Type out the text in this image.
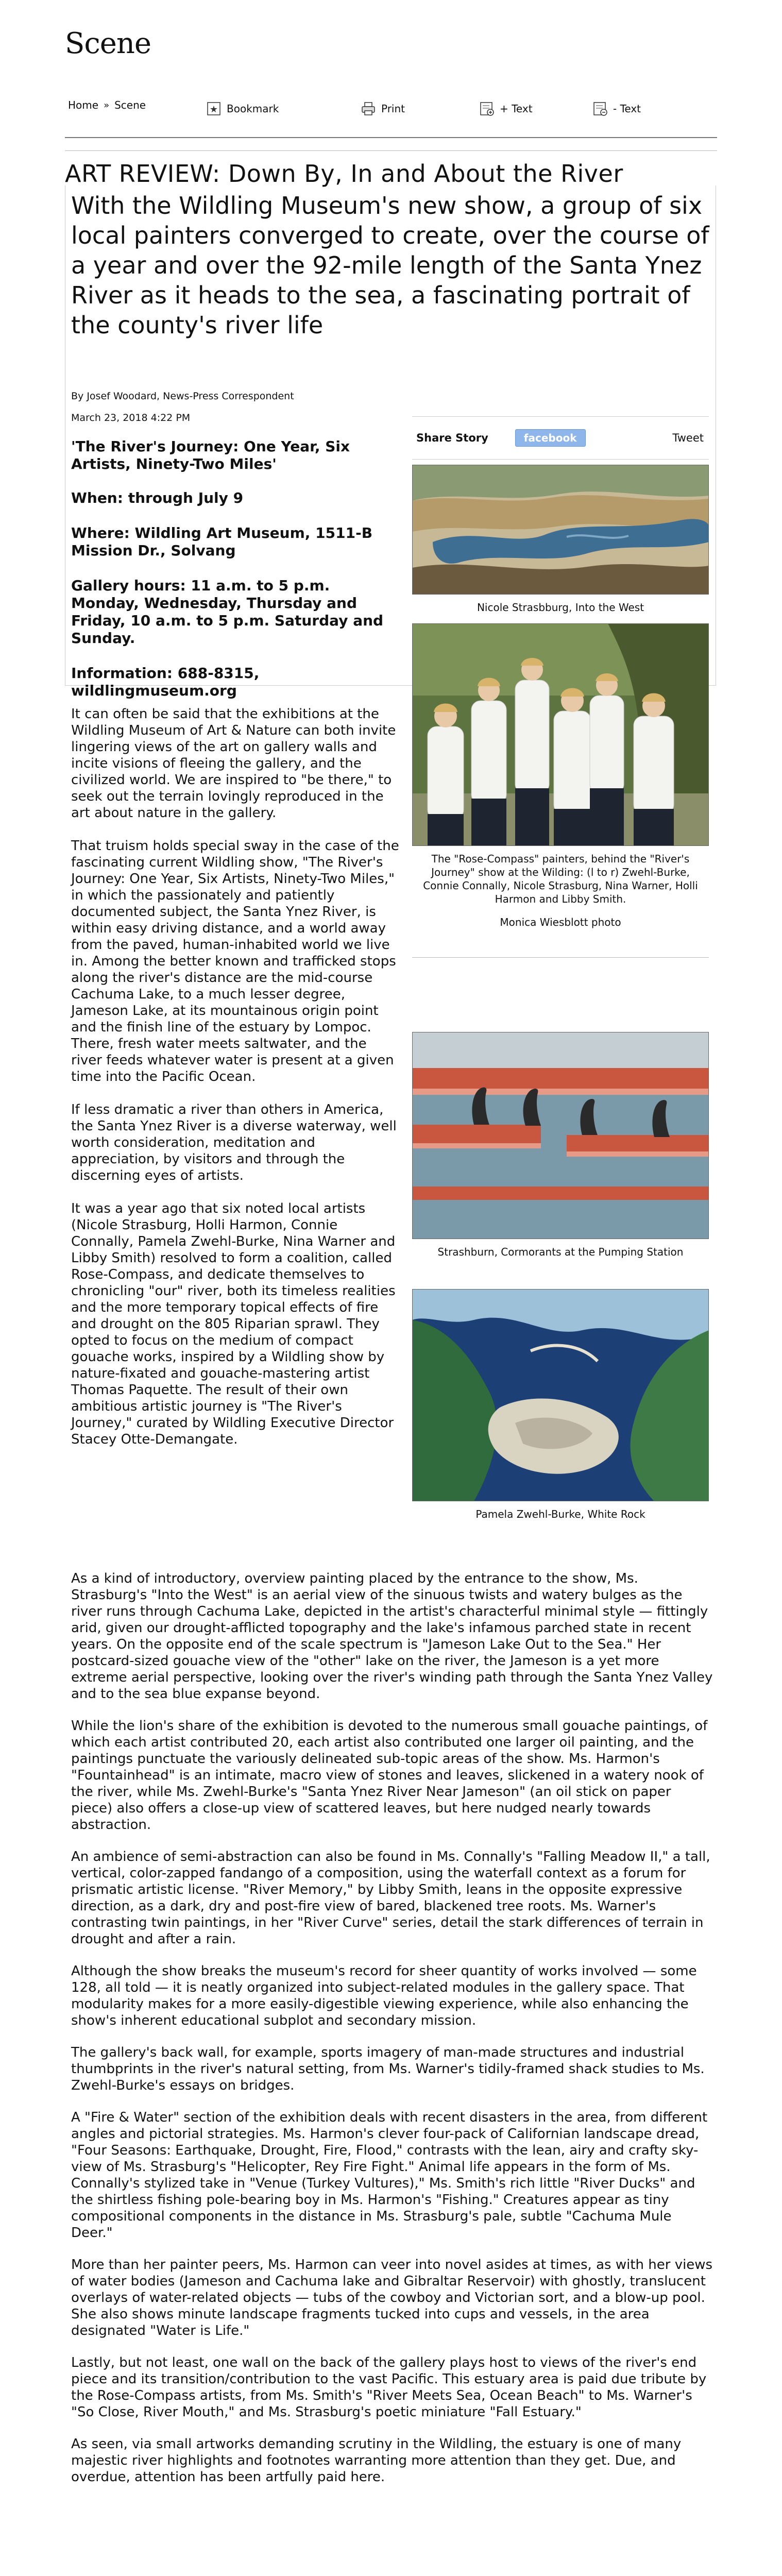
Scene
Home » Scene	★ Bookmark	Print	+ Text	- Text
ART REVIEW: Down By, In and About the River
With the Wildling Museum's new show, a group of six local painters converged to create, over the course of a year and over the 92-mile length of the Santa Ynez River as it heads to the sea, a fascinating portrait of the county's river life
By Josef Woodard, News-Press Correspondent
March 23, 2018 4:22 PM

'The River's Journey: One Year, Six Artists, Ninety-Two Miles'

When: through July 9

Where: Wildling Art Museum, 1511-B Mission Dr., Solvang

Gallery hours: 11 a.m. to 5 p.m. Monday, Wednesday, Thursday and Friday, 10 a.m. to 5 p.m. Saturday and Sunday.

Information: 688-8315, wildlingmuseum.org

It can often be said that the exhibitions at the Wildling Museum of Art & Nature can both invite lingering views of the art on gallery walls and incite visions of fleeing the gallery, and the civilized world. We are inspired to "be there," to seek out the terrain lovingly reproduced in the art about nature in the gallery.

That truism holds special sway in the case of the fascinating current Wildling show, "The River's Journey: One Year, Six Artists, Ninety-Two Miles," in which the passionately and patiently documented subject, the Santa Ynez River, is within easy driving distance, and a world away from the paved, human-inhabited world we live in. Among the better known and trafficked stops along the river's distance are the mid-course Cachuma Lake, to a much lesser degree, Jameson Lake, at its mountainous origin point and the finish line of the estuary by Lompoc. There, fresh water meets saltwater, and the river feeds whatever water is present at a given time into the Pacific Ocean.

If less dramatic a river than others in America, the Santa Ynez River is a diverse waterway, well worth consideration, meditation and appreciation, by visitors and through the discerning eyes of artists.

It was a year ago that six noted local artists (Nicole Strasburg, Holli Harmon, Connie Connally, Pamela Zwehl-Burke, Nina Warner and Libby Smith) resolved to form a coalition, called Rose-Compass, and dedicate themselves to chronicling "our" river, both its timeless realities and the more temporary topical effects of fire and drought on the 805 Riparian sprawl. They opted to focus on the medium of compact gouache works, inspired by a Wildling show by nature-fixated and gouache-mastering artist Thomas Paquette. The result of their own ambitious artistic journey is "The River's Journey," curated by Wildling Executive Director Stacey Otte-Demangate.

Share Story	facebook	Tweet
Nicole Strasbburg, Into the West
The "Rose-Compass" painters, behind the "River's Journey" show at the Wilding: (l to r) Zwehl-Burke, Connie Connally, Nicole Strasburg, Nina Warner, Holli Harmon and Libby Smith.
Monica Wiesblott photo
Strashburn, Cormorants at the Pumping Station
Pamela Zwehl-Burke, White Rock

As a kind of introductory, overview painting placed by the entrance to the show, Ms. Strasburg's "Into the West" is an aerial view of the sinuous twists and watery bulges as the river runs through Cachuma Lake, depicted in the artist's characterful minimal style — fittingly arid, given our drought-afflicted topography and the lake's infamous parched state in recent years. On the opposite end of the scale spectrum is "Jameson Lake Out to the Sea." Her postcard-sized gouache view of the "other" lake on the river, the Jameson is a yet more extreme aerial perspective, looking over the river's winding path through the Santa Ynez Valley and to the sea blue expanse beyond.

While the lion's share of the exhibition is devoted to the numerous small gouache paintings, of which each artist contributed 20, each artist also contributed one larger oil painting, and the paintings punctuate the variously delineated sub-topic areas of the show. Ms. Harmon's "Fountainhead" is an intimate, macro view of stones and leaves, slickened in a watery nook of the river, while Ms. Zwehl-Burke's "Santa Ynez River Near Jameson" (an oil stick on paper piece) also offers a close-up view of scattered leaves, but here nudged nearly towards abstraction.

An ambience of semi-abstraction can also be found in Ms. Connally's "Falling Meadow II," a tall, vertical, color-zapped fandango of a composition, using the waterfall context as a forum for prismatic artistic license. "River Memory," by Libby Smith, leans in the opposite expressive direction, as a dark, dry and post-fire view of bared, blackened tree roots. Ms. Warner's contrasting twin paintings, in her "River Curve" series, detail the stark differences of terrain in drought and after a rain.

Although the show breaks the museum's record for sheer quantity of works involved — some 128, all told — it is neatly organized into subject-related modules in the gallery space. That modularity makes for a more easily-digestible viewing experience, while also enhancing the show's inherent educational subplot and secondary mission.

The gallery's back wall, for example, sports imagery of man-made structures and industrial thumbprints in the river's natural setting, from Ms. Warner's tidily-framed shack studies to Ms. Zwehl-Burke's essays on bridges.

A "Fire & Water" section of the exhibition deals with recent disasters in the area, from different angles and pictorial strategies. Ms. Harmon's clever four-pack of Californian landscape dread, "Four Seasons: Earthquake, Drought, Fire, Flood," contrasts with the lean, airy and crafty sky-view of Ms. Strasburg's "Helicopter, Rey Fire Fight." Animal life appears in the form of Ms. Connally's stylized take in "Venue (Turkey Vultures)," Ms. Smith's rich little "River Ducks" and the shirtless fishing pole-bearing boy in Ms. Harmon's "Fishing." Creatures appear as tiny compositional components in the distance in Ms. Strasburg's pale, subtle "Cachuma Mule Deer."

More than her painter peers, Ms. Harmon can veer into novel asides at times, as with her views of water bodies (Jameson and Cachuma lake and Gibraltar Reservoir) with ghostly, translucent overlays of water-related objects — tubs of the cowboy and Victorian sort, and a blow-up pool. She also shows minute landscape fragments tucked into cups and vessels, in the area designated "Water is Life."

Lastly, but not least, one wall on the back of the gallery plays host to views of the river's end piece and its transition/contribution to the vast Pacific. This estuary area is paid due tribute by the Rose-Compass artists, from Ms. Smith's "River Meets Sea, Ocean Beach" to Ms. Warner's "So Close, River Mouth," and Ms. Strasburg's poetic miniature "Fall Estuary."

As seen, via small artworks demanding scrutiny in the Wildling, the estuary is one of many majestic river highlights and footnotes warranting more attention than they get. Due, and overdue, attention has been artfully paid here.
